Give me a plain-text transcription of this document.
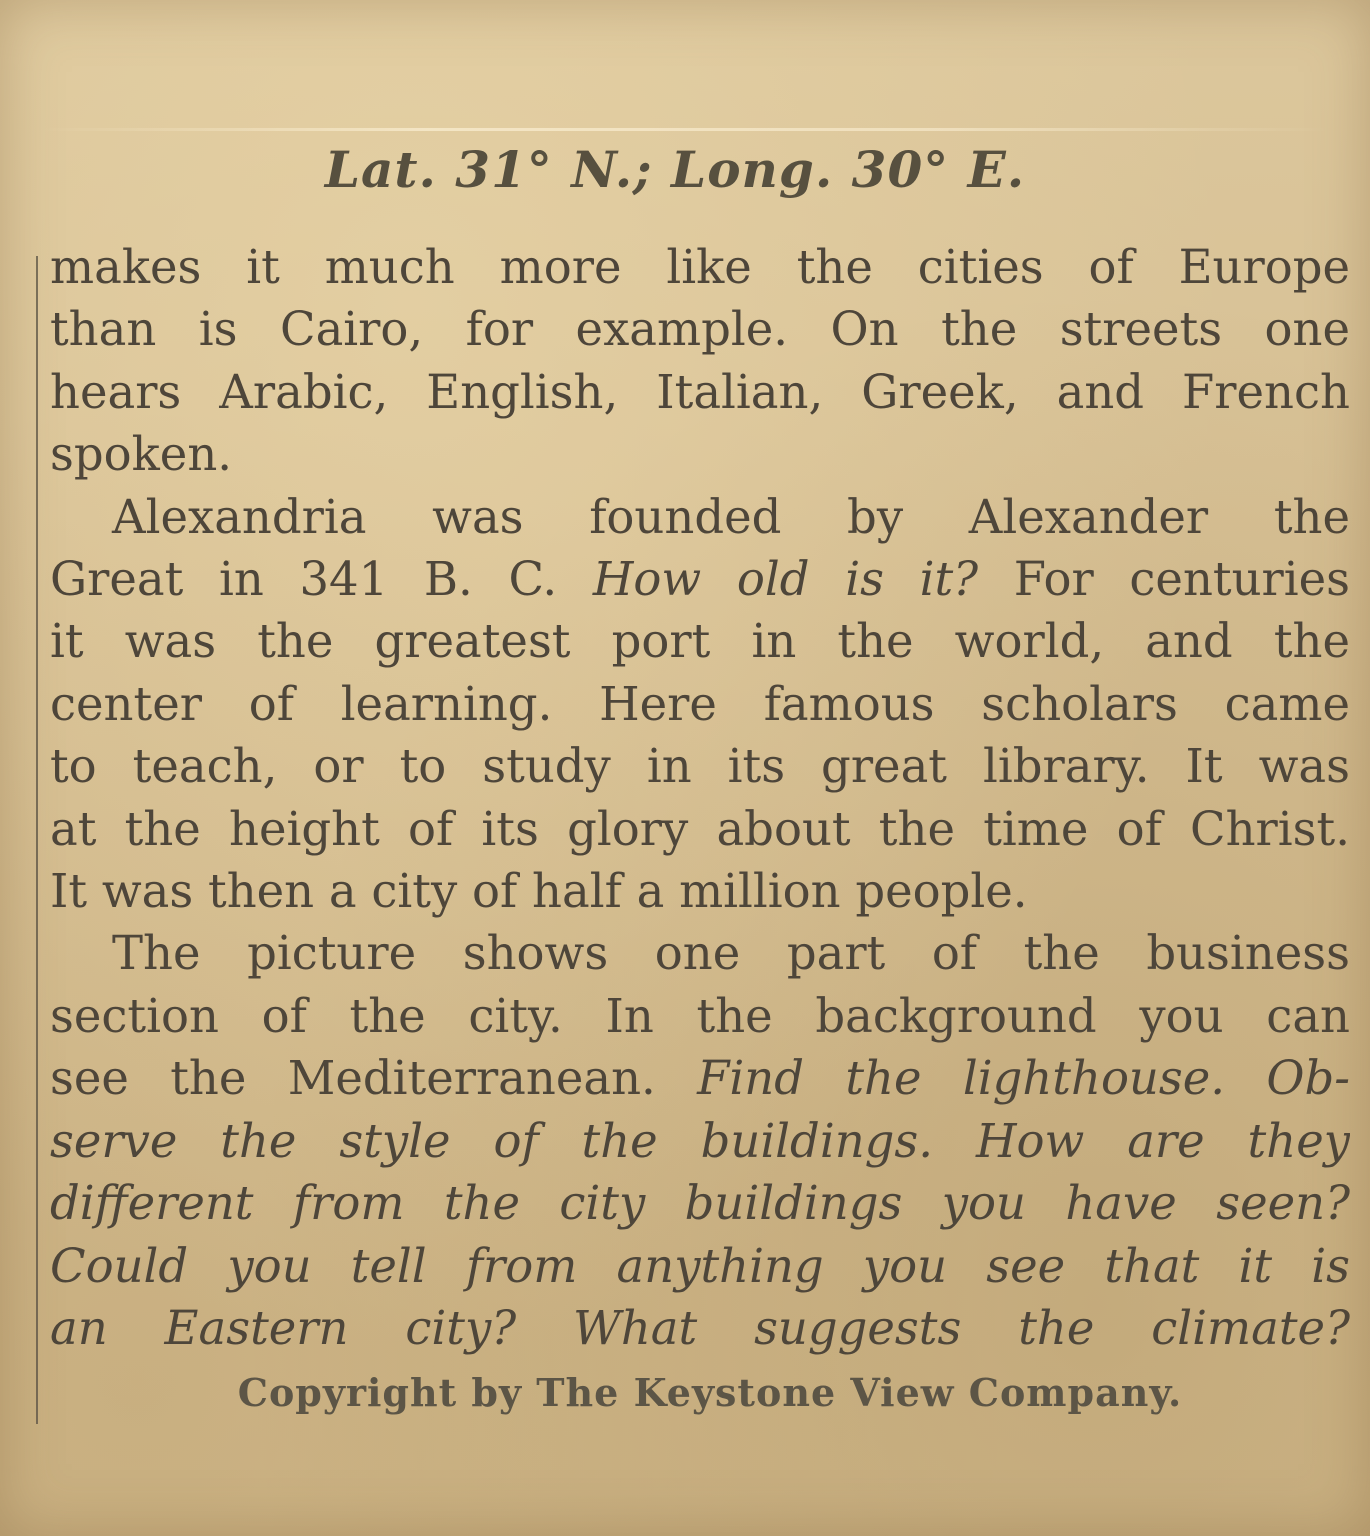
Lat. 31° N.; Long. 30° E.
makes it much more like the cities of Europe
than is Cairo, for example. On the streets one
hears Arabic, English, Italian, Greek, and French
spoken.
Alexandria was founded by Alexander the
Great in 341 B. C. How old is it? For centuries
it was the greatest port in the world, and the
center of learning. Here famous scholars came
to teach, or to study in its great library. It was
at the height of its glory about the time of Christ.
It was then a city of half a million people.
The picture shows one part of the business
section of the city. In the background you can
see the Mediterranean. Find the lighthouse. Ob-
serve the style of the buildings. How are they
different from the city buildings you have seen?
Could you tell from anything you see that it is
an Eastern city? What suggests the climate?

Copyright by The Keystone View Company.
